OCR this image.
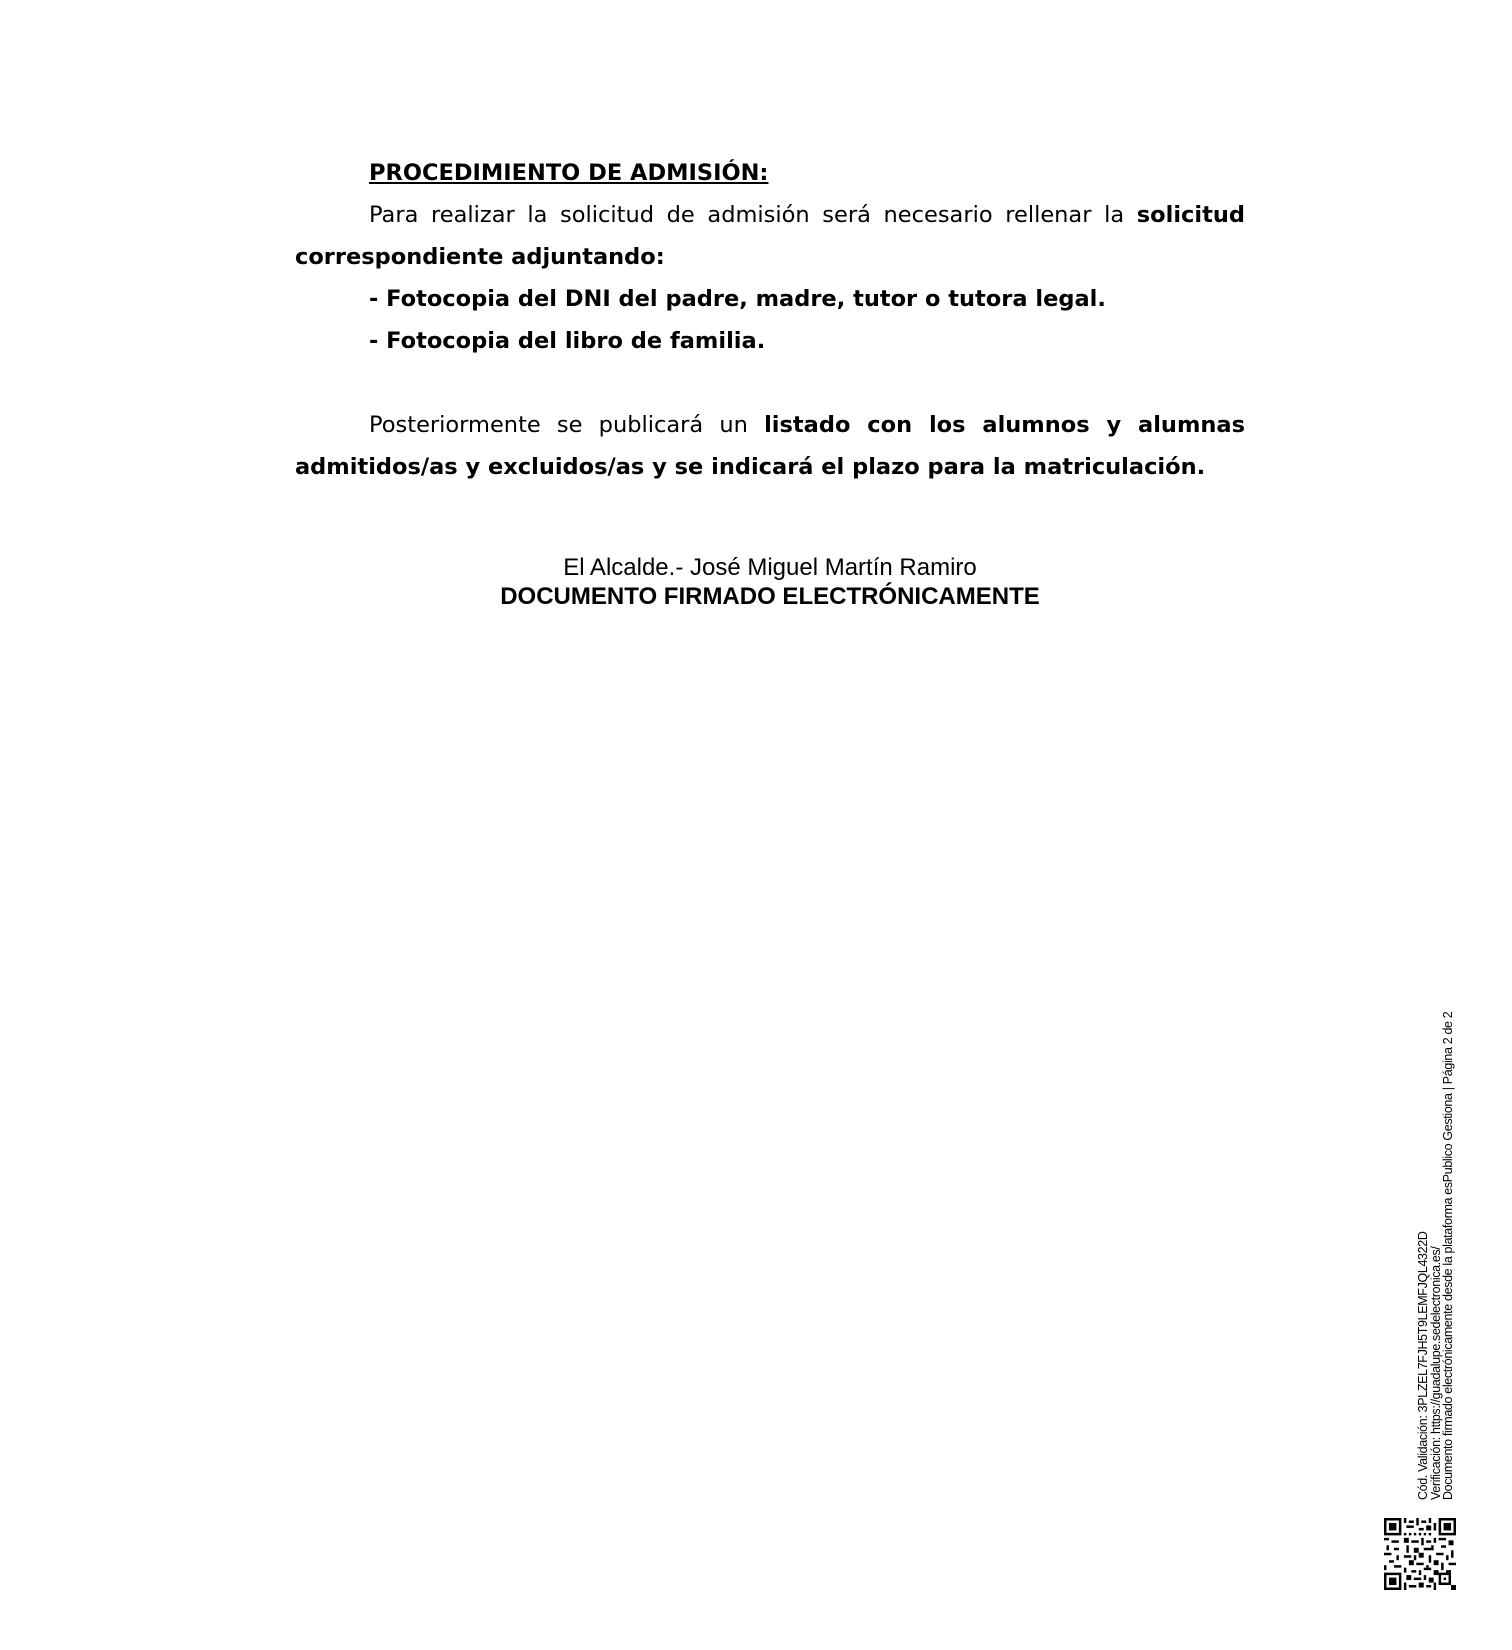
PROCEDIMIENTO DE ADMISIÓN:

Para realizar la solicitud de admisión será necesario rellenar la solicitud correspondiente adjuntando:

- Fotocopia del DNI del padre, madre, tutor o tutora legal.

- Fotocopia del libro de familia.

Posteriormente se publicará un listado con los alumnos y alumnas admitidos/as y excluidos/as y se indicará el plazo para la matriculación.

El Alcalde.- José Miguel Martín Ramiro
DOCUMENTO FIRMADO ELECTRÓNICAMENTE
Cód. Validación: 3PLZEL7FJH5T9LEMFJQL4322D
Verificación: https://guadalupe.sedelectronica.es/
Documento firmado electrónicamente desde la plataforma esPublico Gestiona | Página 2 de 2
